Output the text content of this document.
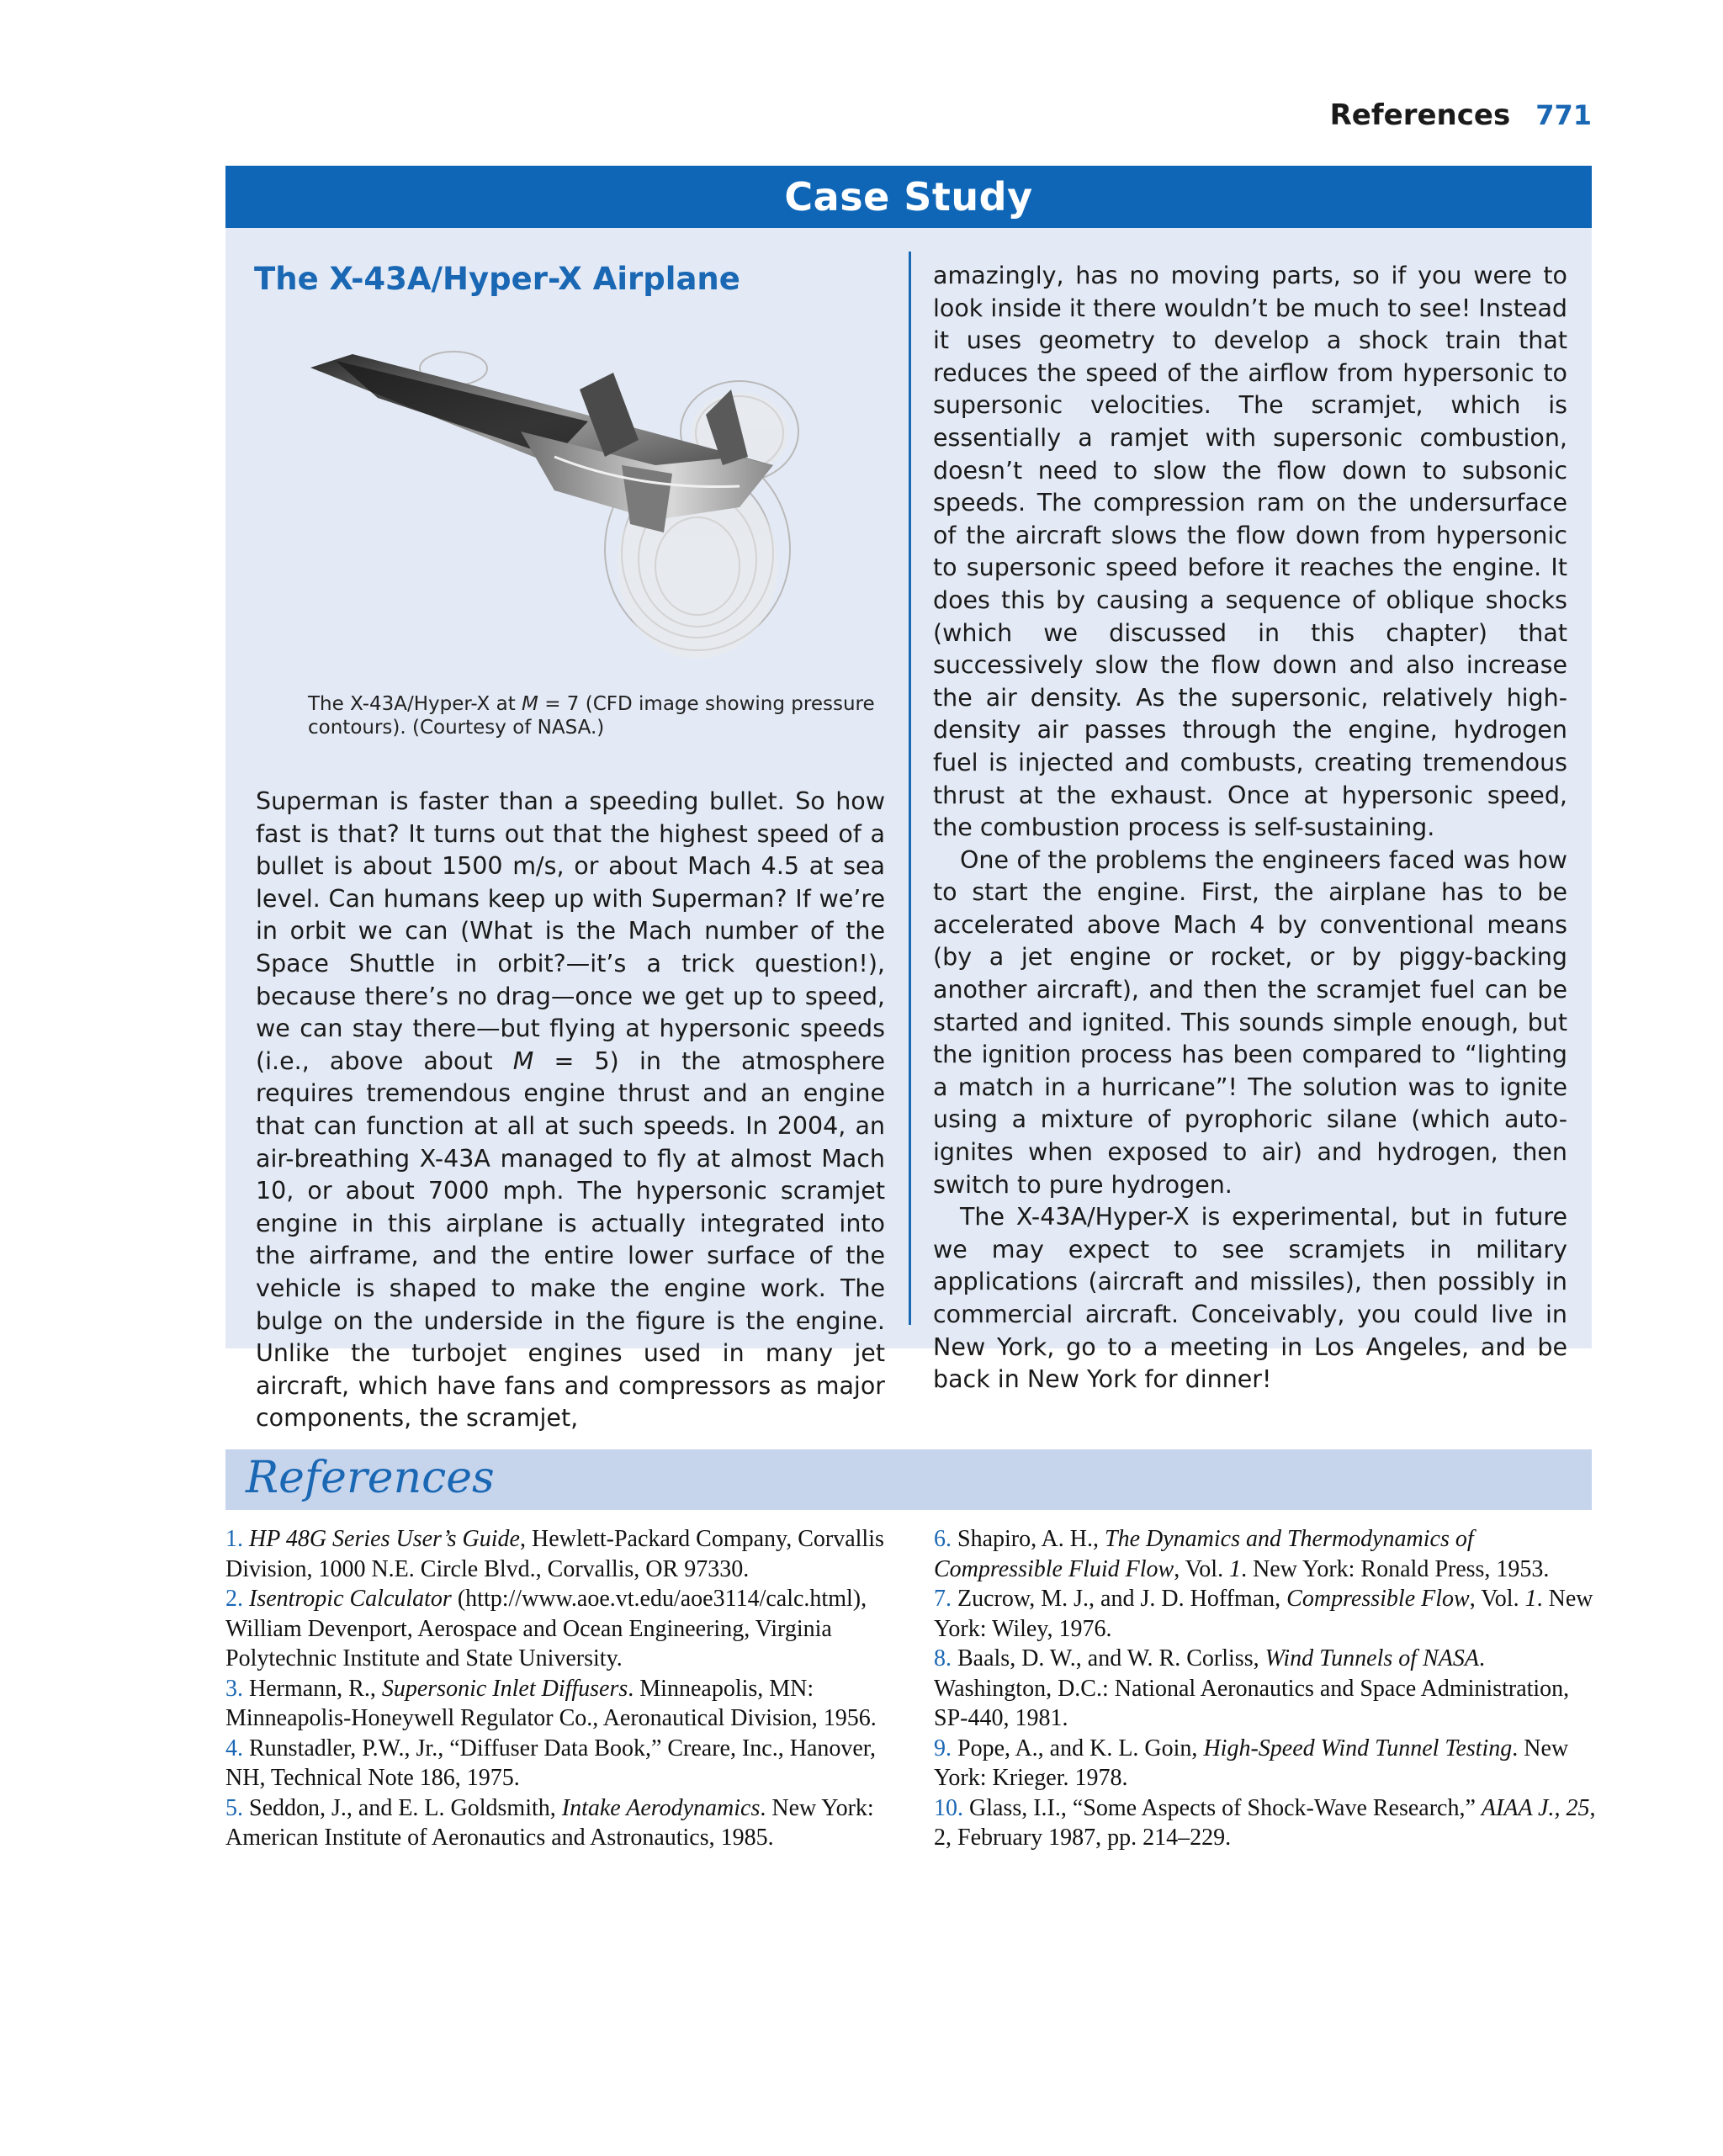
References 771
Case Study
The X-43A/Hyper-X Airplane
The X-43A/Hyper-X at M = 7 (CFD image showing pressure contours). (Courtesy of NASA.)

Superman is faster than a speeding bullet. So how fast is that? It turns out that the highest speed of a bullet is about 1500 m/s, or about Mach 4.5 at sea level. Can humans keep up with Superman? If we’re in orbit we can (What is the Mach number of the Space Shuttle in orbit?—it’s a trick question!), because there’s no drag—once we get up to speed, we can stay there—but flying at hypersonic speeds (i.e., above about M = 5) in the atmosphere requires tremendous engine thrust and an engine that can function at all at such speeds. In 2004, an air-breathing X-43A managed to fly at almost Mach 10, or about 7000 mph. The hypersonic scramjet engine in this airplane is actually integrated into the airframe, and the entire lower surface of the vehicle is shaped to make the engine work. The bulge on the underside in the figure is the engine. Unlike the turbojet engines used in many jet aircraft, which have fans and compressors as major components, the scramjet,

amazingly, has no moving parts, so if you were to look inside it there wouldn’t be much to see! Instead it uses geometry to develop a shock train that reduces the speed of the airflow from hypersonic to supersonic velocities. The scramjet, which is essentially a ramjet with supersonic combustion, doesn’t need to slow the flow down to subsonic speeds. The compression ram on the undersurface of the aircraft slows the flow down from hypersonic to supersonic speed before it reaches the engine. It does this by causing a sequence of oblique shocks (which we discussed in this chapter) that successively slow the flow down and also increase the air density. As the supersonic, relatively high-density air passes through the engine, hydrogen fuel is injected and combusts, creating tremendous thrust at the exhaust. Once at hypersonic speed, the combustion process is self-sustaining.

One of the problems the engineers faced was how to start the engine. First, the airplane has to be accelerated above Mach 4 by conventional means (by a jet engine or rocket, or by piggy-backing another aircraft), and then the scramjet fuel can be started and ignited. This sounds simple enough, but the ignition process has been compared to “lighting a match in a hurricane”! The solution was to ignite using a mixture of pyrophoric silane (which auto-ignites when exposed to air) and hydrogen, then switch to pure hydrogen.

The X-43A/Hyper-X is experimental, but in future we may expect to see scramjets in military applications (aircraft and missiles), then possibly in commercial aircraft. Conceivably, you could live in New York, go to a meeting in Los Angeles, and be back in New York for dinner!

References

1. HP 48G Series User’s Guide, Hewlett-Packard Company, Corvallis Division, 1000 N.E. Circle Blvd., Corvallis, OR 97330.

2. Isentropic Calculator (http://www.aoe.vt.edu/aoe3114/calc.html), William Devenport, Aerospace and Ocean Engineering, Virginia Polytechnic Institute and State University.

3. Hermann, R., Supersonic Inlet Diffusers. Minneapolis, MN: Minneapolis-Honeywell Regulator Co., Aeronautical Division, 1956.

4. Runstadler, P.W., Jr., “Diffuser Data Book,” Creare, Inc., Hanover, NH, Technical Note 186, 1975.

5. Seddon, J., and E. L. Goldsmith, Intake Aerodynamics. New York: American Institute of Aeronautics and Astronautics, 1985.

6. Shapiro, A. H., The Dynamics and Thermodynamics of Compressible Fluid Flow, Vol. 1. New York: Ronald Press, 1953.

7. Zucrow, M. J., and J. D. Hoffman, Compressible Flow, Vol. 1. New York: Wiley, 1976.

8. Baals, D. W., and W. R. Corliss, Wind Tunnels of NASA. Washington, D.C.: National Aeronautics and Space Administration, SP-440, 1981.

9. Pope, A., and K. L. Goin, High-Speed Wind Tunnel Testing. New York: Krieger. 1978.

10. Glass, I.I., “Some Aspects of Shock-Wave Research,” AIAA J., 25, 2, February 1987, pp. 214–229.
